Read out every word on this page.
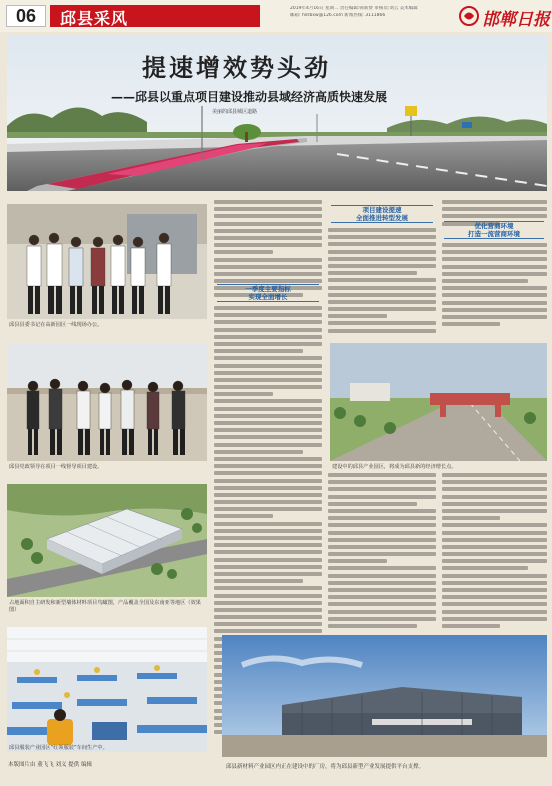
06	邱县采风
2019年4月16日 星期二 责任编辑:韩新赞 审核员:刘云 美术编辑
邮箱: hdrbxw@126.com 新闻热线: 3111866	邯郸日报
提速增效势头劲
——邱县以重点项目建设推动县域经济高质快速发展
美丽的邱县城区道路
邱县县委书记在高新园区一线现场办公。
邱县党政领导在项目一线督导项目建设。
占地面积自主研发和新型墙体材料项目鸟瞰图，产品覆盖全国及东南亚等地区（效果图）
邱县服装产业园区“红领服装”车间生产中。
一季度主要指标
实现全面增长
项目建设提速
全面推进转型发展
优化营商环境
打造一流营商环境
建设中的邱县产业园区，将成为邱县新的经济增长点。
本版图片由 董飞飞 刘义 提供 编辑	邱县新材料产业园区内正在建设中的厂房，将为邱县新型产业发展提供平台支撑。
